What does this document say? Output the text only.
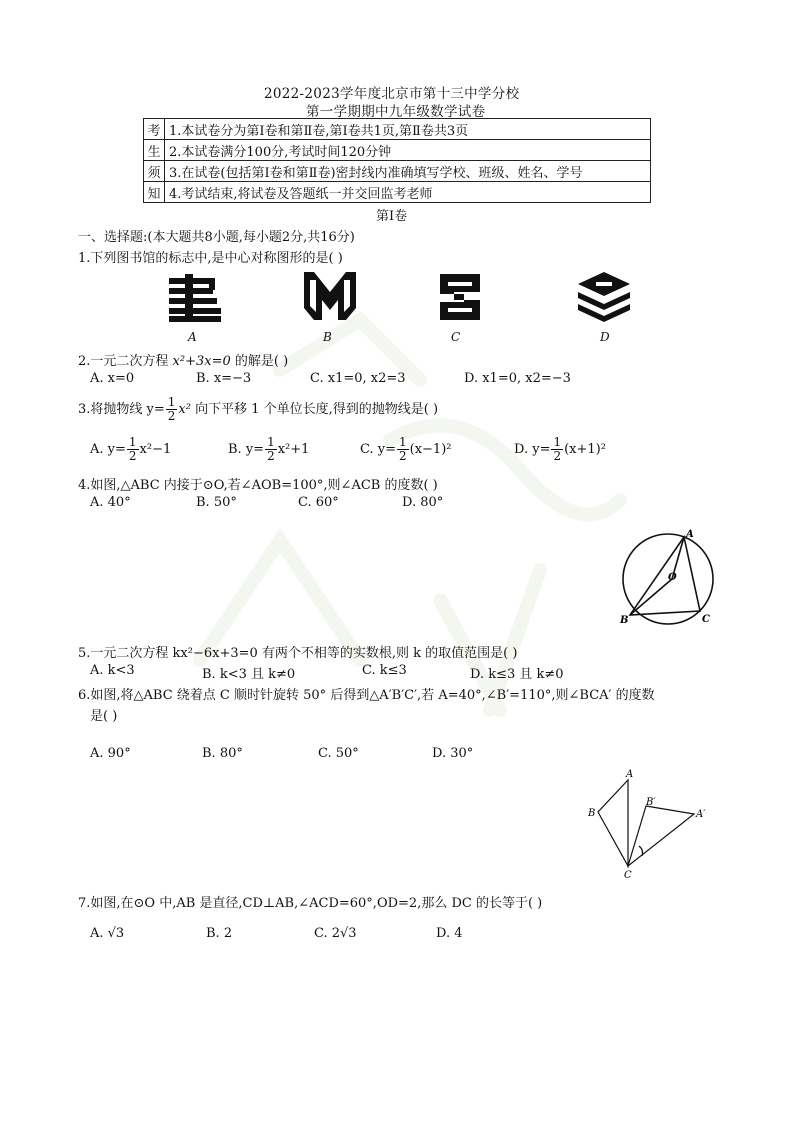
2022-2023学年度北京市第十三中学分校
第一学期期中九年级数学试卷
考	1.本试卷分为第Ⅰ卷和第Ⅱ卷,第Ⅰ卷共1页,第Ⅱ卷共3页
生	2.本试卷满分100分,考试时间120分钟
须	3.在试卷(包括第Ⅰ卷和第Ⅱ卷)密封线内准确填写学校、班级、姓名、学号
知	4.考试结束,将试卷及答题纸一并交回监考老师
第Ⅰ卷
一、选择题:(本大题共8小题,每小题2分,共16分)
1.下列图书馆的标志中,是中心对称图形的是( )
A	B	C	D
2.一元二次方程 x²+3x=0 的解是( )
A. x=0	B. x=−3	C. x1=0, x2=3	D. x1=0, x2=−3
3.将抛物线 $y= \frac{1}{2} x^2$ 向下平移 1 个单位长度,得到的抛物线是( )
A. $y= \frac{1}{2} x^2-1$	B. $y= \frac{1}{2} x^2+1$	C. $y= \frac{1}{2} (x-1)^2$	D. $y= \frac{1}{2} (x+1)^2$
4.如图,△ABC 内接于⊙O,若∠AOB=100°,则∠ACB 的度数( )
A. 40°	B. 50°	C. 60°	D. 80°
A
O
B	C
5.一元二次方程 kx²−6x+3=0 有两个不相等的实数根,则 k 的取值范围是( )
A. k<3	B. k<3 且 k≠0	C. k≤3	D. k≤3 且 k≠0
6.如图,将△ABC 绕着点 C 顺时针旋转 50° 后得到△A′B′C′,若 A=40°,∠B′=110°,则∠BCA′ 的度数
是( )
A. 90°	B. 80°	C. 50°	D. 30°
A
B
B′
A′
C
7.如图,在⊙O 中,AB 是直径,CD⊥AB,∠ACD=60°,OD=2,那么 DC 的长等于( )
A. √3	B. 2	C. 2√3	D. 4
